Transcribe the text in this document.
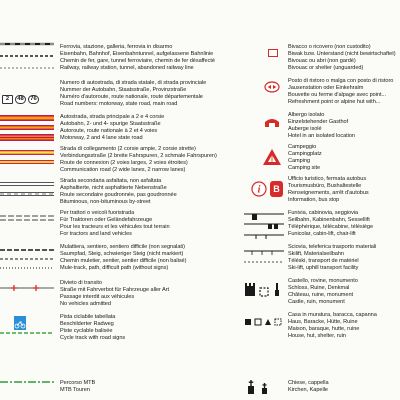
2 48 76
Ferrovia, stazione, galleria, ferrovia in disarmo
Eisenbahn, Bahnhof, Eisenbahntunnel, aufgelassene Bahnlinie
Chemin de fer, gare, tunnel ferroviaire, chemin de fer désaffecté
Railway, railway station, tunnel, abandoned railway line
Numero di autostrada, di strada statale, di strada provinciale
Nummer der Autobahn, Staatsstraße, Provinzstraße
Numéro d'autoroute, route nationale, route départementale
Road numbers: motorway, state road, main road
Autostrada, strada principale a 2 e 4 corsie
Autobahn, 2- und 4- spurige Staatsstraße
Autoroute, route nationale à 2 et 4 voies
Motorway, 2 and 4 lane state road
Strada di collegamento (2 corsie ampie, 2 corsie strette)
Verbindungsstraße (2 breite Fahrspuren, 2 schmale Fahrspuren)
Route de connexion (2 voies larges, 2 voies étroites)
Communication road (2 wide lanes, 2 narrow lanes)
Strada secondaria asfaltata, non asfaltata
Asphaltierte, nicht asphaltierte Nebenstraße
Route secondaire goudronnée, pas goudronnée
Bituminous, non-bituminous by-street
Per trattori o veicoli fuoristrada
Für Traktoren oder Geländefahrzeuge
Pour les tracteurs et les véhicules tout terrain
For tractors and land vehicles
Mulattiera, sentiero, sentiero difficile (non segnalati)
Saumpfad, Steig, schwieriger Steig (nicht markiert)
Chemin muletier, sentier, sentier difficile (non balisé)
Mule-track, path, difficult path (without signs)
Divieto di transito
Straße mit Fahrverbot für Fahrzeuge aller Art
Passage interdit aux véhicules
No vehicles admitted
Pista ciclabile tabellata
Beschilderter Radweg
Piste cyclable balisée
Cycle track with road signs
Percorso MTB
MTB Touren
i	B
Bivacco o ricovero (non custodito)
Biwak bzw. Unterstand (nicht bewirtschaftet)
Bivouac ou abri (non gardé)
Bivouac or shelter (unguarded)
Posto di ristoro o malga con posto di ristoro
Jausenstation oder Einkehralm
Bouvette ou ferme d'alpage avec point...
Refreshment point or alpine hut with...
Albergo isolato
Einzelstehender Gasthof
Auberge isolé
Hotel in an isolated location
Campeggio
Campingplatz
Camping
Camping site
Ufficio turistico, fermata autobus
Tourismusbüro, Bushaltestelle
Renseignements, arrêt d'autobus
Information, bus stop
Funivia, cabinovia, seggiovia
Seilbahn, Kabinenbahn, Sessellift
Téléphérique, télécabine, télésiège
Funicolar, cabin-lift, chair-lift
Sciovia, teleferica trasporto materiali
Skilift, Materialseilbahn
Téléski, transport de matériel
Ski-lift, uphill transport facility
Castello, rovine, monumento
Schloss, Ruine, Denkmal
Château, ruine, monument
Castle, ruin, monument
Casa in muratura, baracca, capanna
Haus, Baracke, Hütte, Ruine
Maison, baraque, hutte, ruine
House, hut, shelter, ruin
Chiese, cappella
Kirchen, Kapelle
